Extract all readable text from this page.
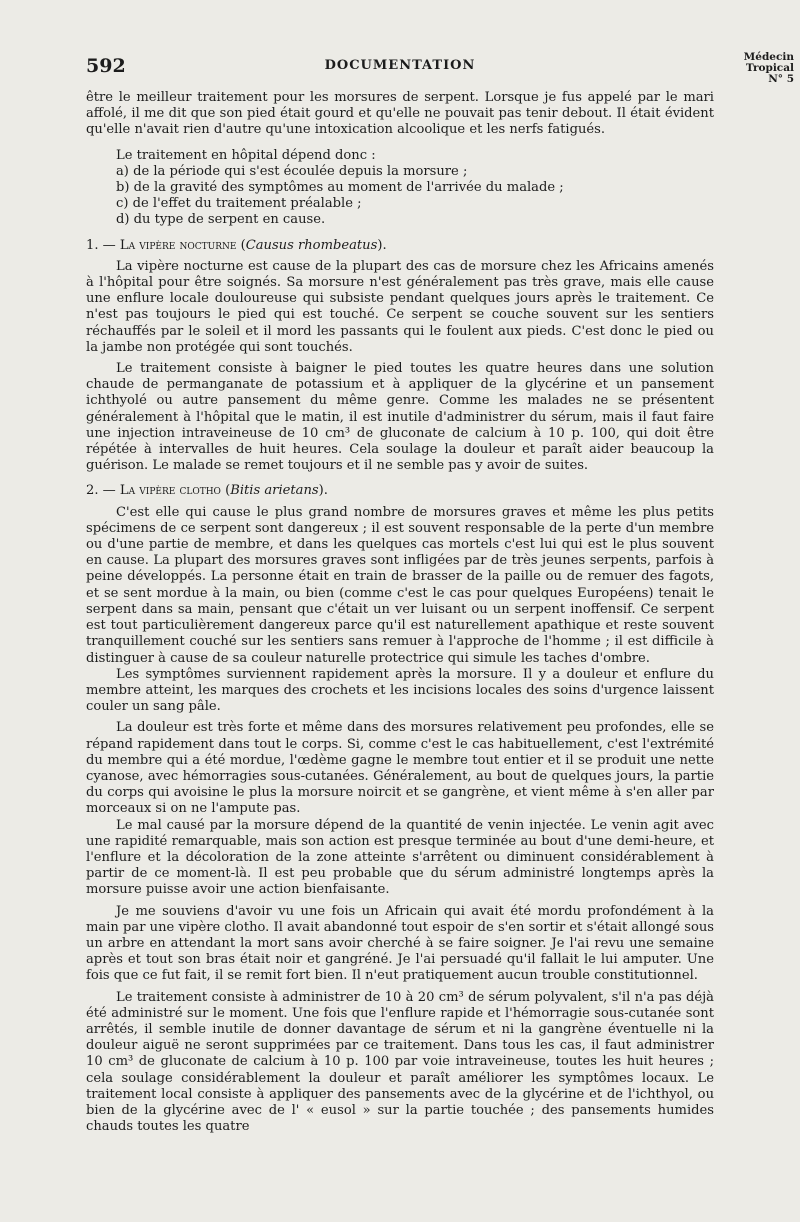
592	DOCUMENTATION
Médecin
Tropical
N° 5

être le meilleur traitement pour les morsures de serpent. Lorsque je fus appelé par le mari affolé, il me dit que son pied était gourd et qu'elle ne pouvait pas tenir debout. Il était évident qu'elle n'avait rien d'autre qu'une intoxication alcoolique et les nerfs fatigués.

Le traitement en hôpital dépend donc :

a) de la période qui s'est écoulée depuis la morsure ;
b) de la gravité des symptômes au moment de l'arrivée du malade ;
c) de l'effet du traitement préalable ;
d) du type de serpent en cause.

1. — La vipère nocturne (Causus rhombeatus).

La vipère nocturne est cause de la plupart des cas de morsure chez les Africains amenés à l'hôpital pour être soignés. Sa morsure n'est généralement pas très grave, mais elle cause une enflure locale douloureuse qui subsiste pendant quelques jours après le traitement. Ce n'est pas toujours le pied qui est touché. Ce serpent se couche souvent sur les sentiers réchauffés par le soleil et il mord les passants qui le foulent aux pieds. C'est donc le pied ou la jambe non protégée qui sont touchés.

Le traitement consiste à baigner le pied toutes les quatre heures dans une solution chaude de permanganate de potassium et à appliquer de la glycérine et un pansement ichthyolé ou autre pansement du même genre. Comme les malades ne se présentent généralement à l'hôpital que le matin, il est inutile d'administrer du sérum, mais il faut faire une injection intraveineuse de 10 cm³ de gluconate de calcium à 10 p. 100, qui doit être répétée à intervalles de huit heures. Cela soulage la douleur et paraît aider beaucoup la guérison. Le malade se remet toujours et il ne semble pas y avoir de suites.

2. — La vipère clotho (Bitis arietans).

C'est elle qui cause le plus grand nombre de morsures graves et même les plus petits spécimens de ce serpent sont dangereux ; il est souvent responsable de la perte d'un membre ou d'une partie de membre, et dans les quelques cas mortels c'est lui qui est le plus souvent en cause. La plupart des morsures graves sont infligées par de très jeunes serpents, parfois à peine développés. La personne était en train de brasser de la paille ou de remuer des fagots, et se sent mordue à la main, ou bien (comme c'est le cas pour quelques Européens) tenait le serpent dans sa main, pensant que c'était un ver luisant ou un serpent inoffensif. Ce serpent est tout particulièrement dangereux parce qu'il est naturellement apathique et reste souvent tranquillement couché sur les sentiers sans remuer à l'approche de l'homme ; il est difficile à distinguer à cause de sa couleur naturelle protectrice qui simule les taches d'ombre.

Les symptômes surviennent rapidement après la morsure. Il y a douleur et enflure du membre atteint, les marques des crochets et les incisions locales des soins d'urgence laissent couler un sang pâle.

La douleur est très forte et même dans des morsures relativement peu profondes, elle se répand rapidement dans tout le corps. Si, comme c'est le cas habituellement, c'est l'extrémité du membre qui a été mordue, l'œdème gagne le membre tout entier et il se produit une nette cyanose, avec hémorragies sous-cutanées. Généralement, au bout de quelques jours, la partie du corps qui avoisine le plus la morsure noircit et se gangrène, et vient même à s'en aller par morceaux si on ne l'ampute pas.

Le mal causé par la morsure dépend de la quantité de venin injectée. Le venin agit avec une rapidité remarquable, mais son action est presque terminée au bout d'une demi-heure, et l'enflure et la décoloration de la zone atteinte s'arrêtent ou diminuent considérablement à partir de ce moment-là. Il est peu probable que du sérum administré longtemps après la morsure puisse avoir une action bienfaisante.

Je me souviens d'avoir vu une fois un Africain qui avait été mordu profondément à la main par une vipère clotho. Il avait abandonné tout espoir de s'en sortir et s'était allongé sous un arbre en attendant la mort sans avoir cherché à se faire soigner. Je l'ai revu une semaine après et tout son bras était noir et gangréné. Je l'ai persuadé qu'il fallait le lui amputer. Une fois que ce fut fait, il se remit fort bien. Il n'eut pratiquement aucun trouble constitutionnel.

Le traitement consiste à administrer de 10 à 20 cm³ de sérum polyvalent, s'il n'a pas déjà été administré sur le moment. Une fois que l'enflure rapide et l'hémorragie sous-cutanée sont arrêtés, il semble inutile de donner davantage de sérum et ni la gangrène éventuelle ni la douleur aiguë ne seront supprimées par ce traitement. Dans tous les cas, il faut administrer 10 cm³ de gluconate de calcium à 10 p. 100 par voie intraveineuse, toutes les huit heures ; cela soulage considérablement la douleur et paraît améliorer les symptômes locaux. Le traitement local consiste à appliquer des pansements avec de la glycérine et de l'ichthyol, ou bien de la glycérine avec de l' « eusol » sur la partie touchée ; des pansements humides chauds toutes les quatre
